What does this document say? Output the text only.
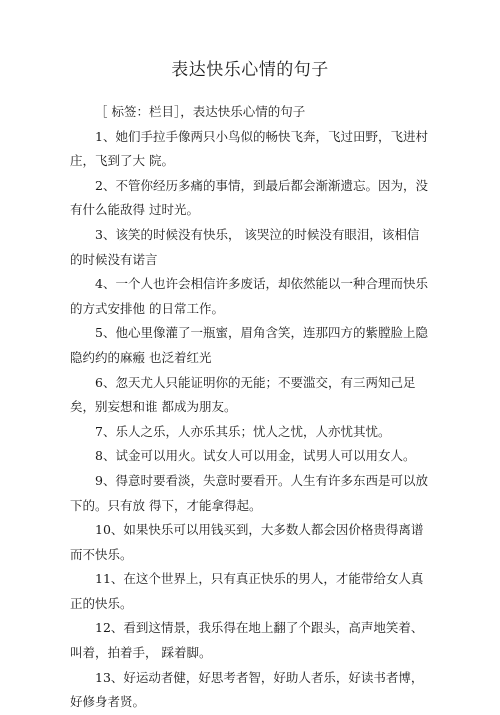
表达快乐心情的句子

［ 标签：栏目］，表达快乐心情的句子

1、她们手拉手像两只小鸟似的畅快飞奔，飞过田野，飞进村庄，飞到了大 院。

2、不管你经历多痛的事情，到最后都会渐渐遗忘。因为，没有什么能敌得 过时光。

3、该笑的时候没有快乐， 该哭泣的时候没有眼泪，该相信的时候没有诺言

4、一个人也许会相信许多废话，却依然能以一种合理而快乐的方式安排他 的日常工作。

5、他心里像灌了一瓶蜜，眉角含笑，连那四方的紫膛脸上隐隐约约的麻瘢 也泛着红光

6、忽天尤人只能证明你的无能；不要滥交，有三两知己足矣，别妄想和谁 都成为朋友。

7、乐人之乐，人亦乐其乐；忧人之忧，人亦忧其忧。

8、试金可以用火。试女人可以用金，试男人可以用女人。

9、得意时要看淡，失意时要看开。人生有许多东西是可以放下的。只有放 得下，才能拿得起。

10、如果快乐可以用钱买到，大多数人都会因价格贵得离谱而不快乐。

11、在这个世界上，只有真正快乐的男人，才能带给女人真正的快乐。

12、看到这情景，我乐得在地上翻了个跟头，高声地笑着、叫着，拍着手， 踩着脚。

13、好运动者健，好思考者智，好助人者乐，好读书者博，好修身者贤。
